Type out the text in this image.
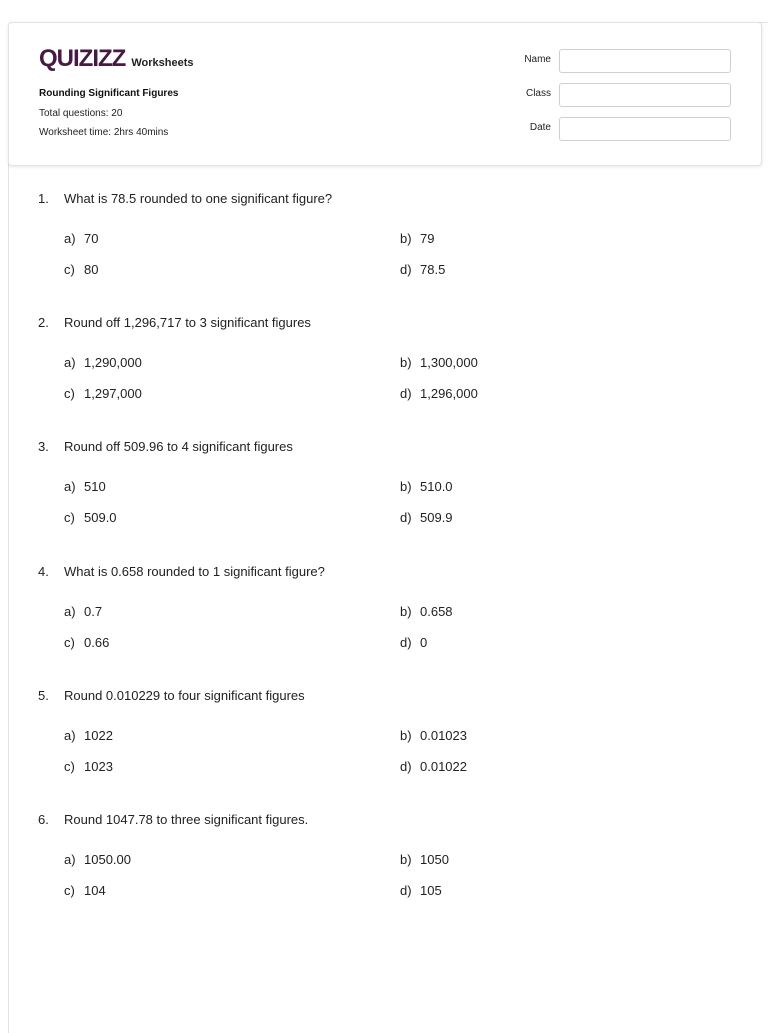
QUIZIZZ Worksheets
Rounding Significant Figures
Total questions: 20
Worksheet time: 2hrs 40mins
Name
Class
Date
1. What is 78.5 rounded to one significant figure?
a) 70	b) 79
c) 80	d) 78.5
2. Round off 1,296,717 to 3 significant figures
a) 1,290,000	b) 1,300,000
c) 1,297,000	d) 1,296,000
3. Round off 509.96 to 4 significant figures
a) 510	b) 510.0
c) 509.0	d) 509.9
4. What is 0.658 rounded to 1 significant figure?
a) 0.7	b) 0.658
c) 0.66	d) 0
5. Round 0.010229 to four significant figures
a) 1022	b) 0.01023
c) 1023	d) 0.01022
6. Round 1047.78 to three significant figures.
a) 1050.00	b) 1050
c) 104	d) 105
